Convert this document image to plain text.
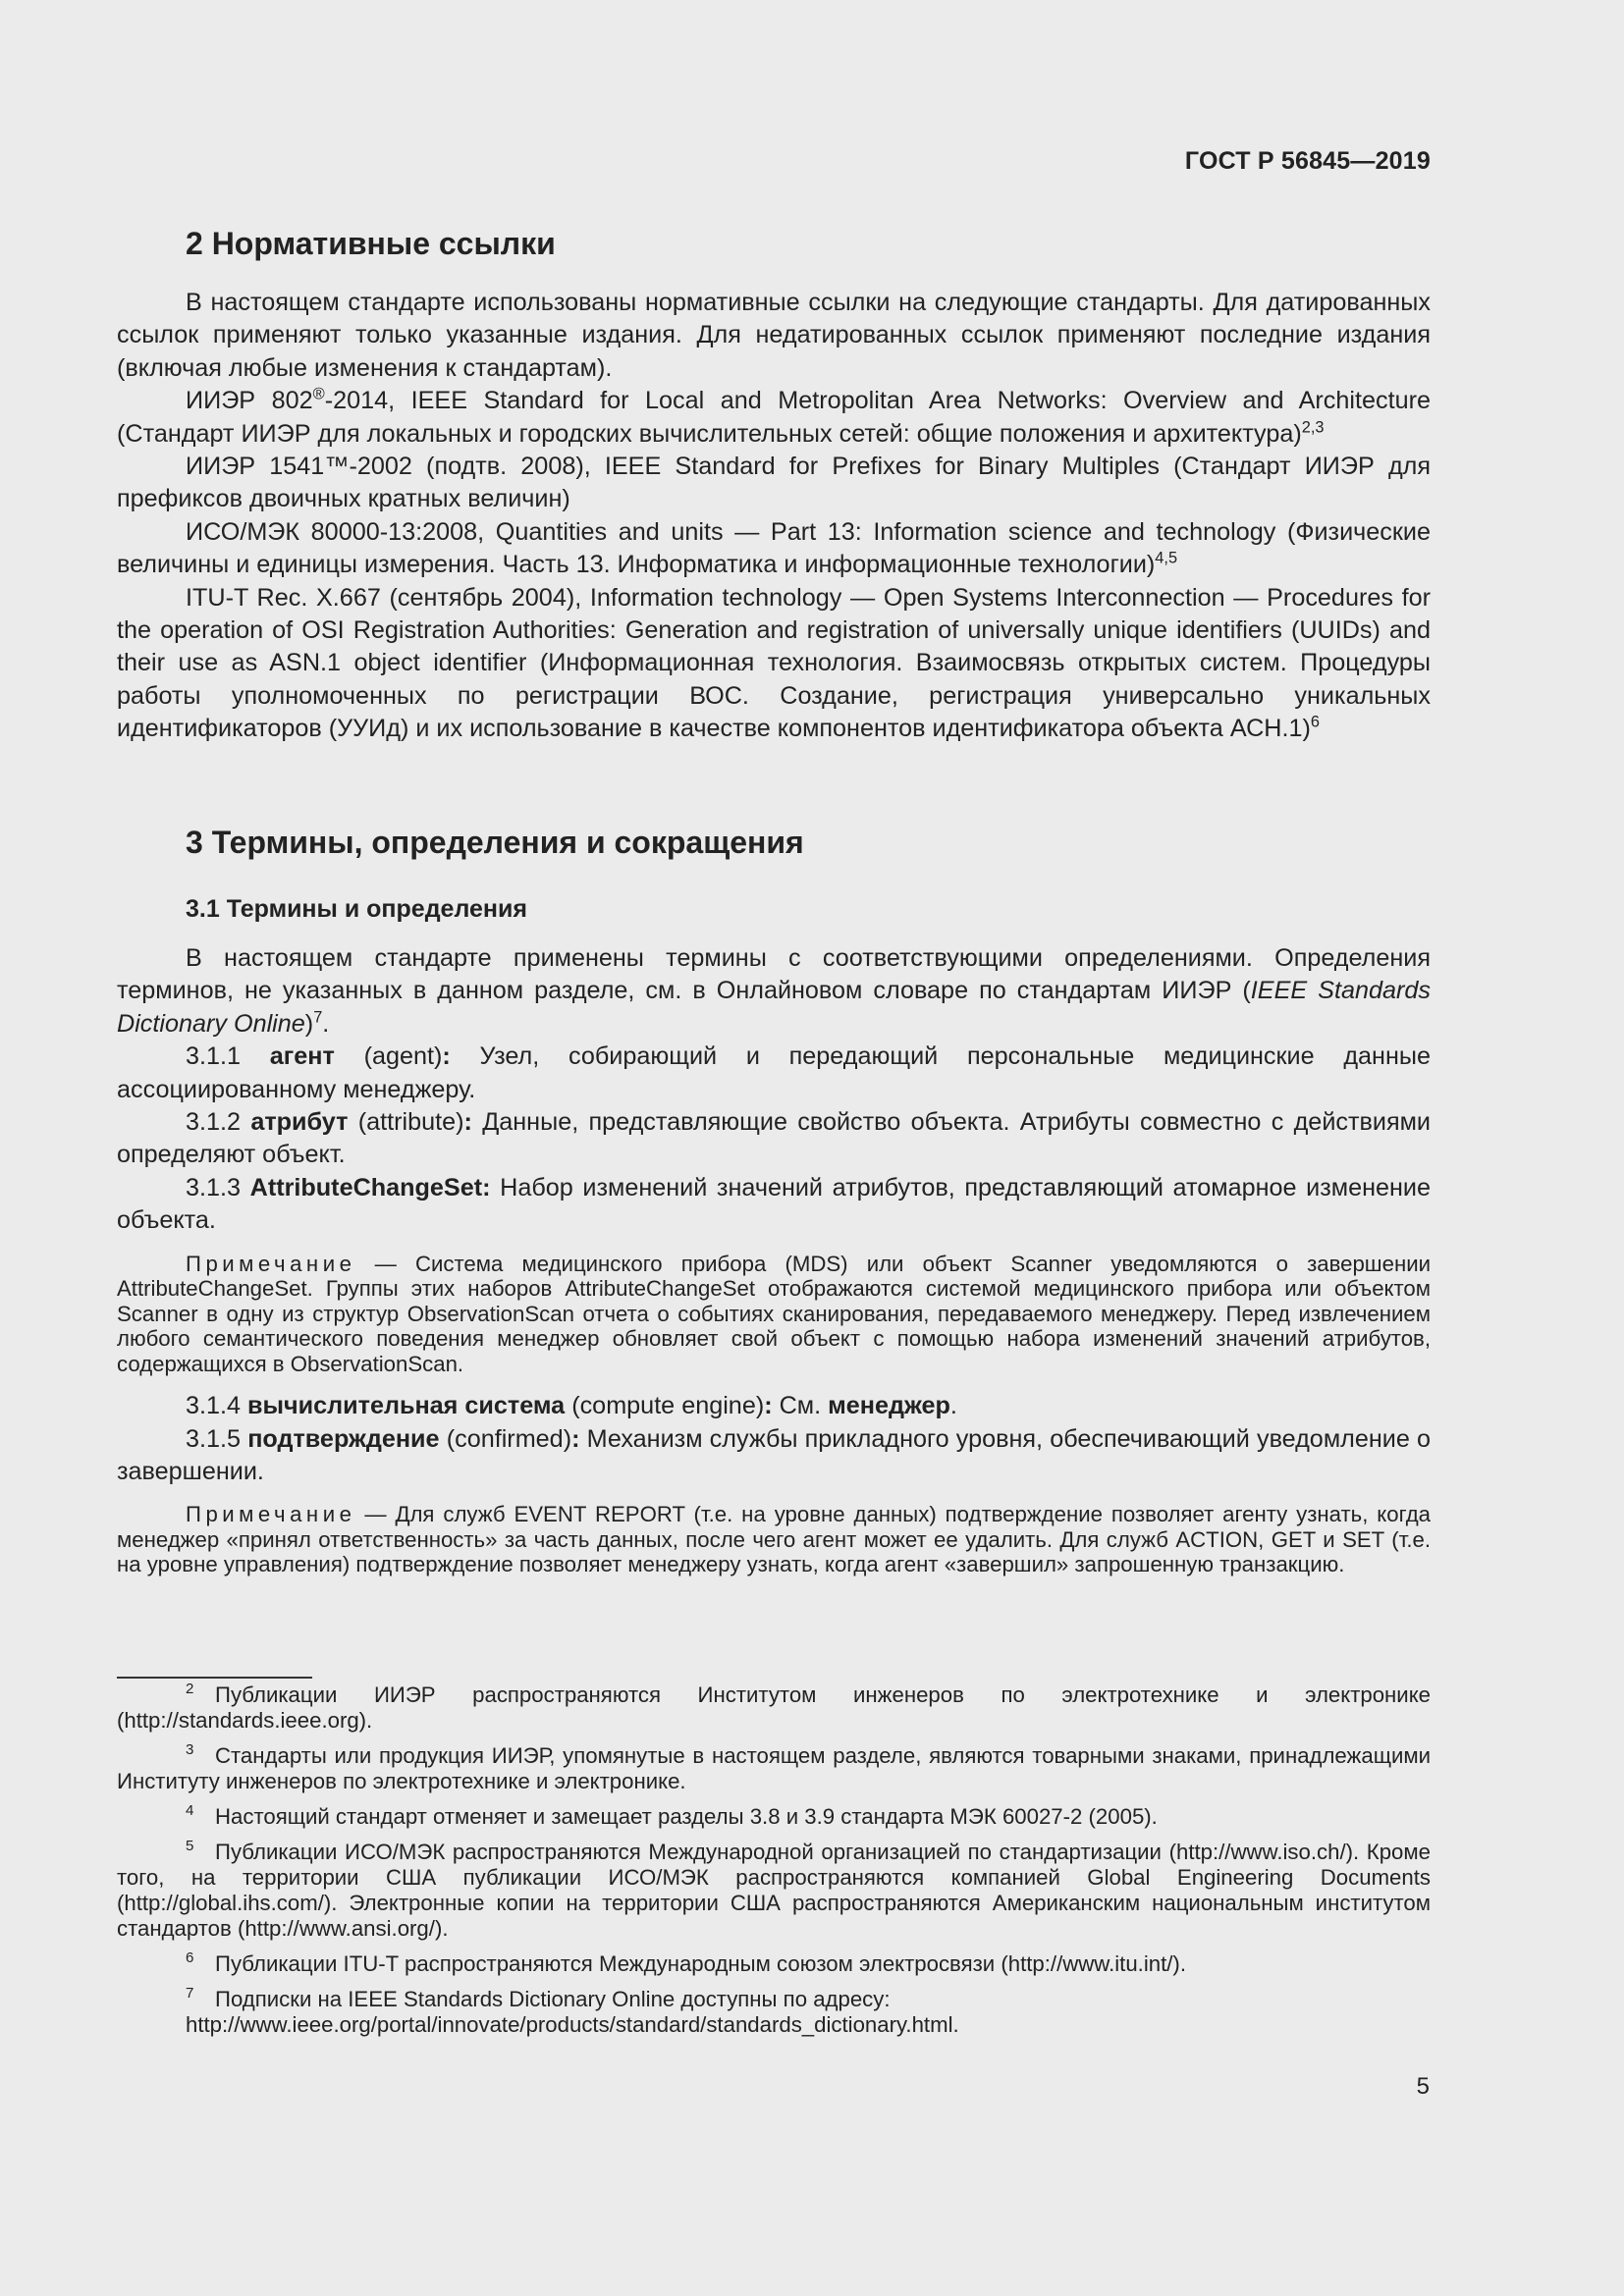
ГОСТ Р 56845—2019
2 Нормативные ссылки

В настоящем стандарте использованы нормативные ссылки на следующие стандарты. Для датированных ссылок применяют только указанные издания. Для недатированных ссылок применяют последние издания (включая любые изменения к стандартам).

ИИЭР 802®-2014, IEEE Standard for Local and Metropolitan Area Networks: Overview and Architecture (Стандарт ИИЭР для локальных и городских вычислительных сетей: общие положения и архитектура)$^{2,3}$

ИИЭР 1541™-2002 (подтв. 2008), IEEE Standard for Prefixes for Binary Multiples (Стандарт ИИЭР для префиксов двоичных кратных величин)

ИСО/МЭК 80000-13:2008, Quantities and units — Part 13: Information science and technology (Физические величины и единицы измерения. Часть 13. Информатика и информационные технологии)$^{4,5}$

ITU-T Rec. X.667 (сентябрь 2004), Information technology — Open Systems Interconnection — Procedures for the operation of OSI Registration Authorities: Generation and registration of universally unique identifiers (UUIDs) and their use as ASN.1 object identifier (Информационная технология. Взаимосвязь открытых систем. Процедуры работы уполномоченных по регистрации ВОС. Создание, регистрация универсально уникальных идентификаторов (УУИд) и их использование в качестве компонентов идентификатора объекта АСН.1)$^6$

3 Термины, определения и сокращения
3.1 Термины и определения

В настоящем стандарте применены термины с соответствующими определениями. Определения терминов, не указанных в данном разделе, см. в Онлайновом словаре по стандартам ИИЭР (IEEE Standards Dictionary Online)$^7$.

3.1.1 агент (agent): Узел, собирающий и передающий персональные медицинские данные ассоциированному менеджеру.

3.1.2 атрибут (attribute): Данные, представляющие свойство объекта. Атрибуты совместно с действиями определяют объект.

3.1.3 AttributeChangeSet: Набор изменений значений атрибутов, представляющий атомарное изменение объекта.

Примечание — Система медицинского прибора (MDS) или объект Scanner уведомляются о завершении AttributeChangeSet. Группы этих наборов AttributeChangeSet отображаются системой медицинского прибора или объектом Scanner в одну из структур ObservationScan отчета о событиях сканирования, передаваемого менеджеру. Перед извлечением любого семантического поведения менеджер обновляет свой объект с помощью набора изменений значений атрибутов, содержащихся в ObservationScan.

3.1.4 вычислительная система (compute engine): См. менеджер.

3.1.5 подтверждение (confirmed): Механизм службы прикладного уровня, обеспечивающий уведомление о завершении.

Примечание — Для служб EVENT REPORT (т.е. на уровне данных) подтверждение позволяет агенту узнать, когда менеджер «принял ответственность» за часть данных, после чего агент может ее удалить. Для служб ACTION, GET и SET (т.е. на уровне управления) подтверждение позволяет менеджеру узнать, когда агент «завершил» запрошенную транзакцию.

2 Публикации ИИЭР распространяются Институтом инженеров по электротехнике и электронике (http://standards.ieee.org).

3 Стандарты или продукция ИИЭР, упомянутые в настоящем разделе, являются товарными знаками, принадлежащими Институту инженеров по электротехнике и электронике.

4 Настоящий стандарт отменяет и замещает разделы 3.8 и 3.9 стандарта МЭК 60027-2 (2005).

5 Публикации ИСО/МЭК распространяются Международной организацией по стандартизации (http://www.iso.ch/). Кроме того, на территории США публикации ИСО/МЭК распространяются компанией Global Engineering Documents (http://global.ihs.com/). Электронные копии на территории США распространяются Американским национальным институтом стандартов (http://www.ansi.org/).

6 Публикации ITU-T распространяются Международным союзом электросвязи (http://www.itu.int/).

7 Подписки на IEEE Standards Dictionary Online доступны по адресу:
http://www.ieee.org/portal/innovate/products/standard/standards_dictionary.html.

5
